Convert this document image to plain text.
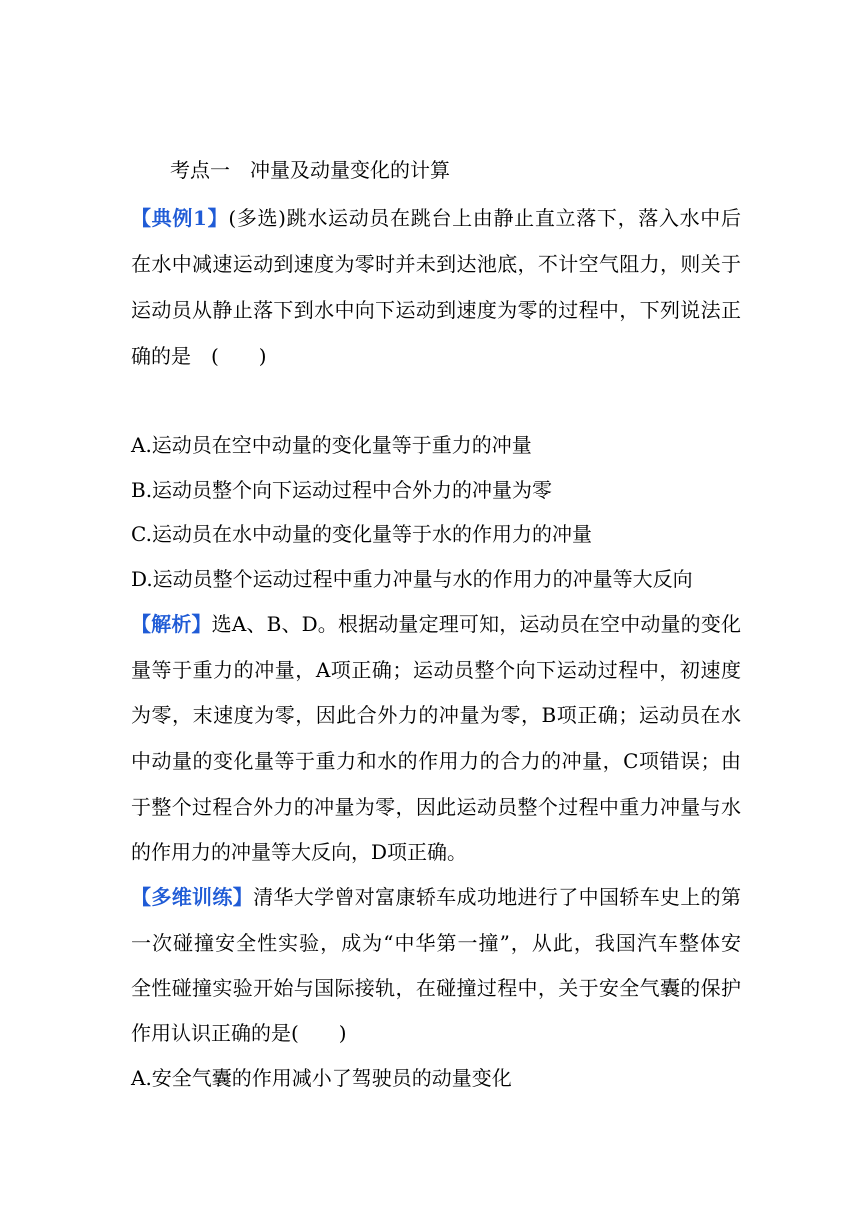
考点一　冲量及动量变化的计算
【典例1】(多选)跳水运动员在跳台上由静止直立落下，落入水中后
在水中减速运动到速度为零时并未到达池底，不计空气阻力，则关于
运动员从静止落下到水中向下运动到速度为零的过程中，下列说法正
确的是　(　　)
A.运动员在空中动量的变化量等于重力的冲量
B.运动员整个向下运动过程中合外力的冲量为零
C.运动员在水中动量的变化量等于水的作用力的冲量
D.运动员整个运动过程中重力冲量与水的作用力的冲量等大反向
【解析】选A、B、D。根据动量定理可知，运动员在空中动量的变化
量等于重力的冲量，A项正确；运动员整个向下运动过程中，初速度
为零，末速度为零，因此合外力的冲量为零，B项正确；运动员在水
中动量的变化量等于重力和水的作用力的合力的冲量，C项错误；由
于整个过程合外力的冲量为零，因此运动员整个过程中重力冲量与水
的作用力的冲量等大反向，D项正确。
【多维训练】清华大学曾对富康轿车成功地进行了中国轿车史上的第
一次碰撞安全性实验，成为“中华第一撞”，从此，我国汽车整体安
全性碰撞实验开始与国际接轨，在碰撞过程中，关于安全气囊的保护
作用认识正确的是(　　)
A.安全气囊的作用减小了驾驶员的动量变化
